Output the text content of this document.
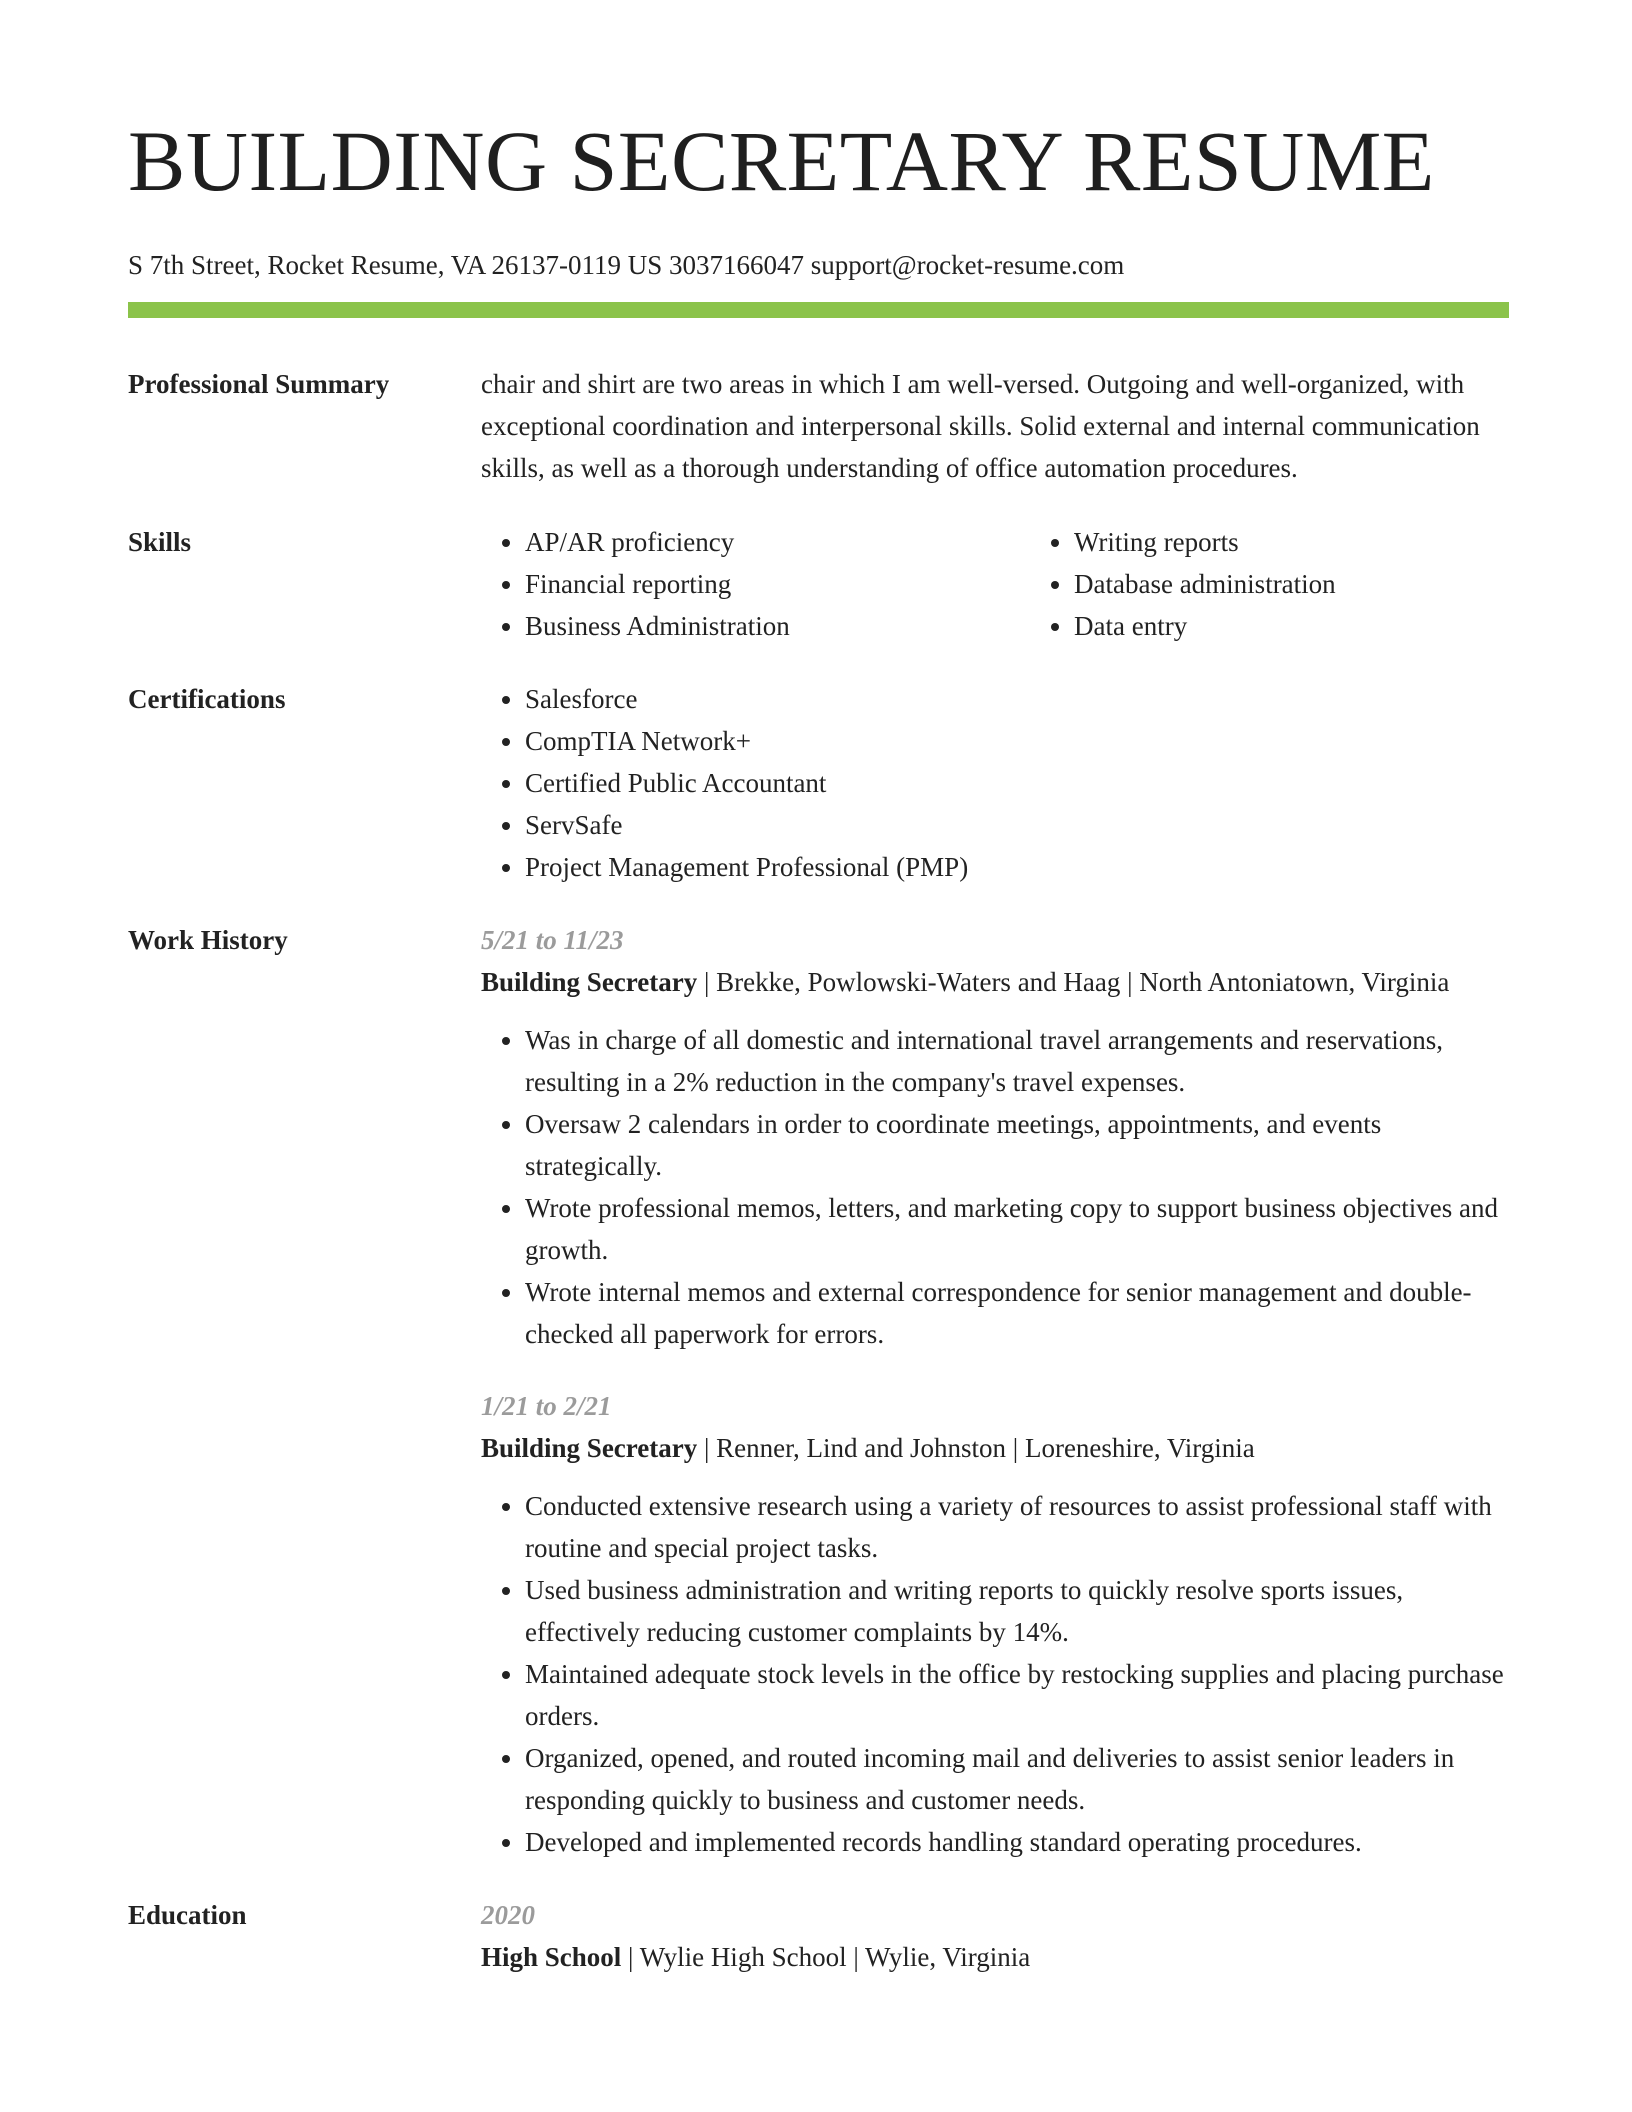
BUILDING SECRETARY RESUME
S 7th Street, Rocket Resume, VA 26137-0119 US 3037166047 support@rocket-resume.com
Professional Summary	chair and shirt are two areas in which I am well-versed. Outgoing and well-organized, with exceptional coordination and interpersonal skills. Solid external and internal communication skills, as well as a thorough understanding of office automation procedures.
Skills	• AP/AR proficiency
• Financial reporting
• Business Administration
• Writing reports
• Database administration
• Data entry
Certifications	• Salesforce
• CompTIA Network+
• Certified Public Accountant
• ServSafe
• Project Management Professional (PMP)
Work History	5/21 to 11/23
Building Secretary | Brekke, Powlowski-Waters and Haag | North Antoniatown, Virginia
• Was in charge of all domestic and international travel arrangements and reservations, resulting in a 2% reduction in the company's travel expenses.
• Oversaw 2 calendars in order to coordinate meetings, appointments, and events strategically.
• Wrote professional memos, letters, and marketing copy to support business objectives and growth.
• Wrote internal memos and external correspondence for senior management and double-checked all paperwork for errors.
1/21 to 2/21
Building Secretary | Renner, Lind and Johnston | Loreneshire, Virginia
• Conducted extensive research using a variety of resources to assist professional staff with routine and special project tasks.
• Used business administration and writing reports to quickly resolve sports issues, effectively reducing customer complaints by 14%.
• Maintained adequate stock levels in the office by restocking supplies and placing purchase orders.
• Organized, opened, and routed incoming mail and deliveries to assist senior leaders in responding quickly to business and customer needs.
• Developed and implemented records handling standard operating procedures.
Education	2020
High School | Wylie High School | Wylie, Virginia
